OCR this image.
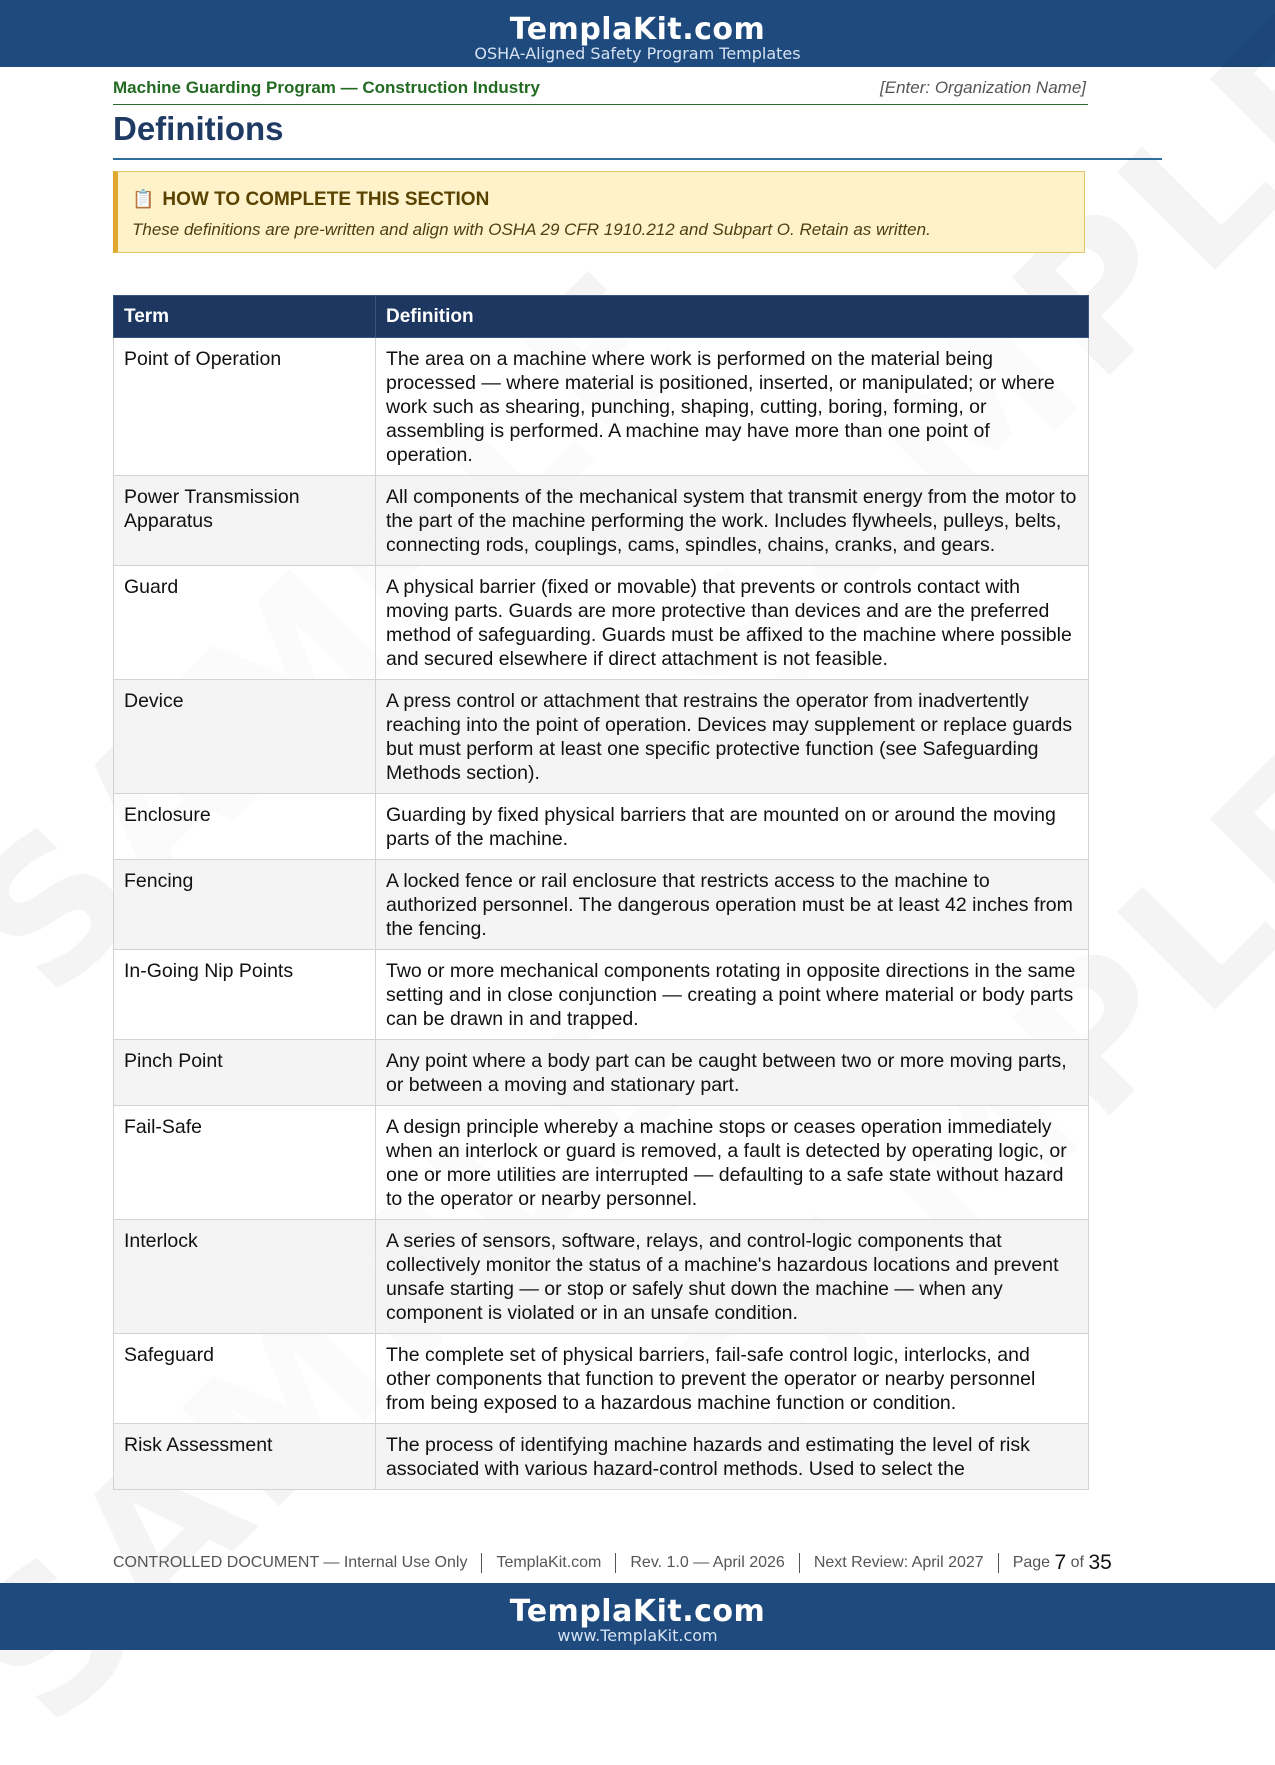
TemplaKit.com
OSHA-Aligned Safety Program Templates
Machine Guarding Program — Construction Industry	[Enter: Organization Name]
Definitions
📋 HOW TO COMPLETE THIS SECTION
These definitions are pre-written and align with OSHA 29 CFR 1910.212 and Subpart O. Retain as written.
Term	Definition
Point of Operation	The area on a machine where work is performed on the material being processed — where material is positioned, inserted, or manipulated; or where work such as shearing, punching, shaping, cutting, boring, forming, or assembling is performed. A machine may have more than one point of operation.
Power Transmission Apparatus	All components of the mechanical system that transmit energy from the motor to the part of the machine performing the work. Includes flywheels, pulleys, belts, connecting rods, couplings, cams, spindles, chains, cranks, and gears.
Guard	A physical barrier (fixed or movable) that prevents or controls contact with moving parts. Guards are more protective than devices and are the preferred method of safeguarding. Guards must be affixed to the machine where possible and secured elsewhere if direct attachment is not feasible.
Device	A press control or attachment that restrains the operator from inadvertently reaching into the point of operation. Devices may supplement or replace guards but must perform at least one specific protective function (see Safeguarding Methods section).
Enclosure	Guarding by fixed physical barriers that are mounted on or around the moving parts of the machine.
Fencing	A locked fence or rail enclosure that restricts access to the machine to authorized personnel. The dangerous operation must be at least 42 inches from the fencing.
In-Going Nip Points	Two or more mechanical components rotating in opposite directions in the same setting and in close conjunction — creating a point where material or body parts can be drawn in and trapped.
Pinch Point	Any point where a body part can be caught between two or more moving parts, or between a moving and stationary part.
Fail-Safe	A design principle whereby a machine stops or ceases operation immediately when an interlock or guard is removed, a fault is detected by operating logic, or one or more utilities are interrupted — defaulting to a safe state without hazard to the operator or nearby personnel.
Interlock	A series of sensors, software, relays, and control-logic components that collectively monitor the status of a machine's hazardous locations and prevent unsafe starting — or stop or safely shut down the machine — when any component is violated or in an unsafe condition.
Safeguard	The complete set of physical barriers, fail-safe control logic, interlocks, and other components that function to prevent the operator or nearby personnel from being exposed to a hazardous machine function or condition.
Risk Assessment	The process of identifying machine hazards and estimating the level of risk associated with various hazard-control methods. Used to select the
CONTROLLED DOCUMENT — Internal Use Only TemplaKit.com Rev. 1.0 — April 2026 Next Review: April 2027 Page 7 of 35
TemplaKit.com
www.TemplaKit.com
